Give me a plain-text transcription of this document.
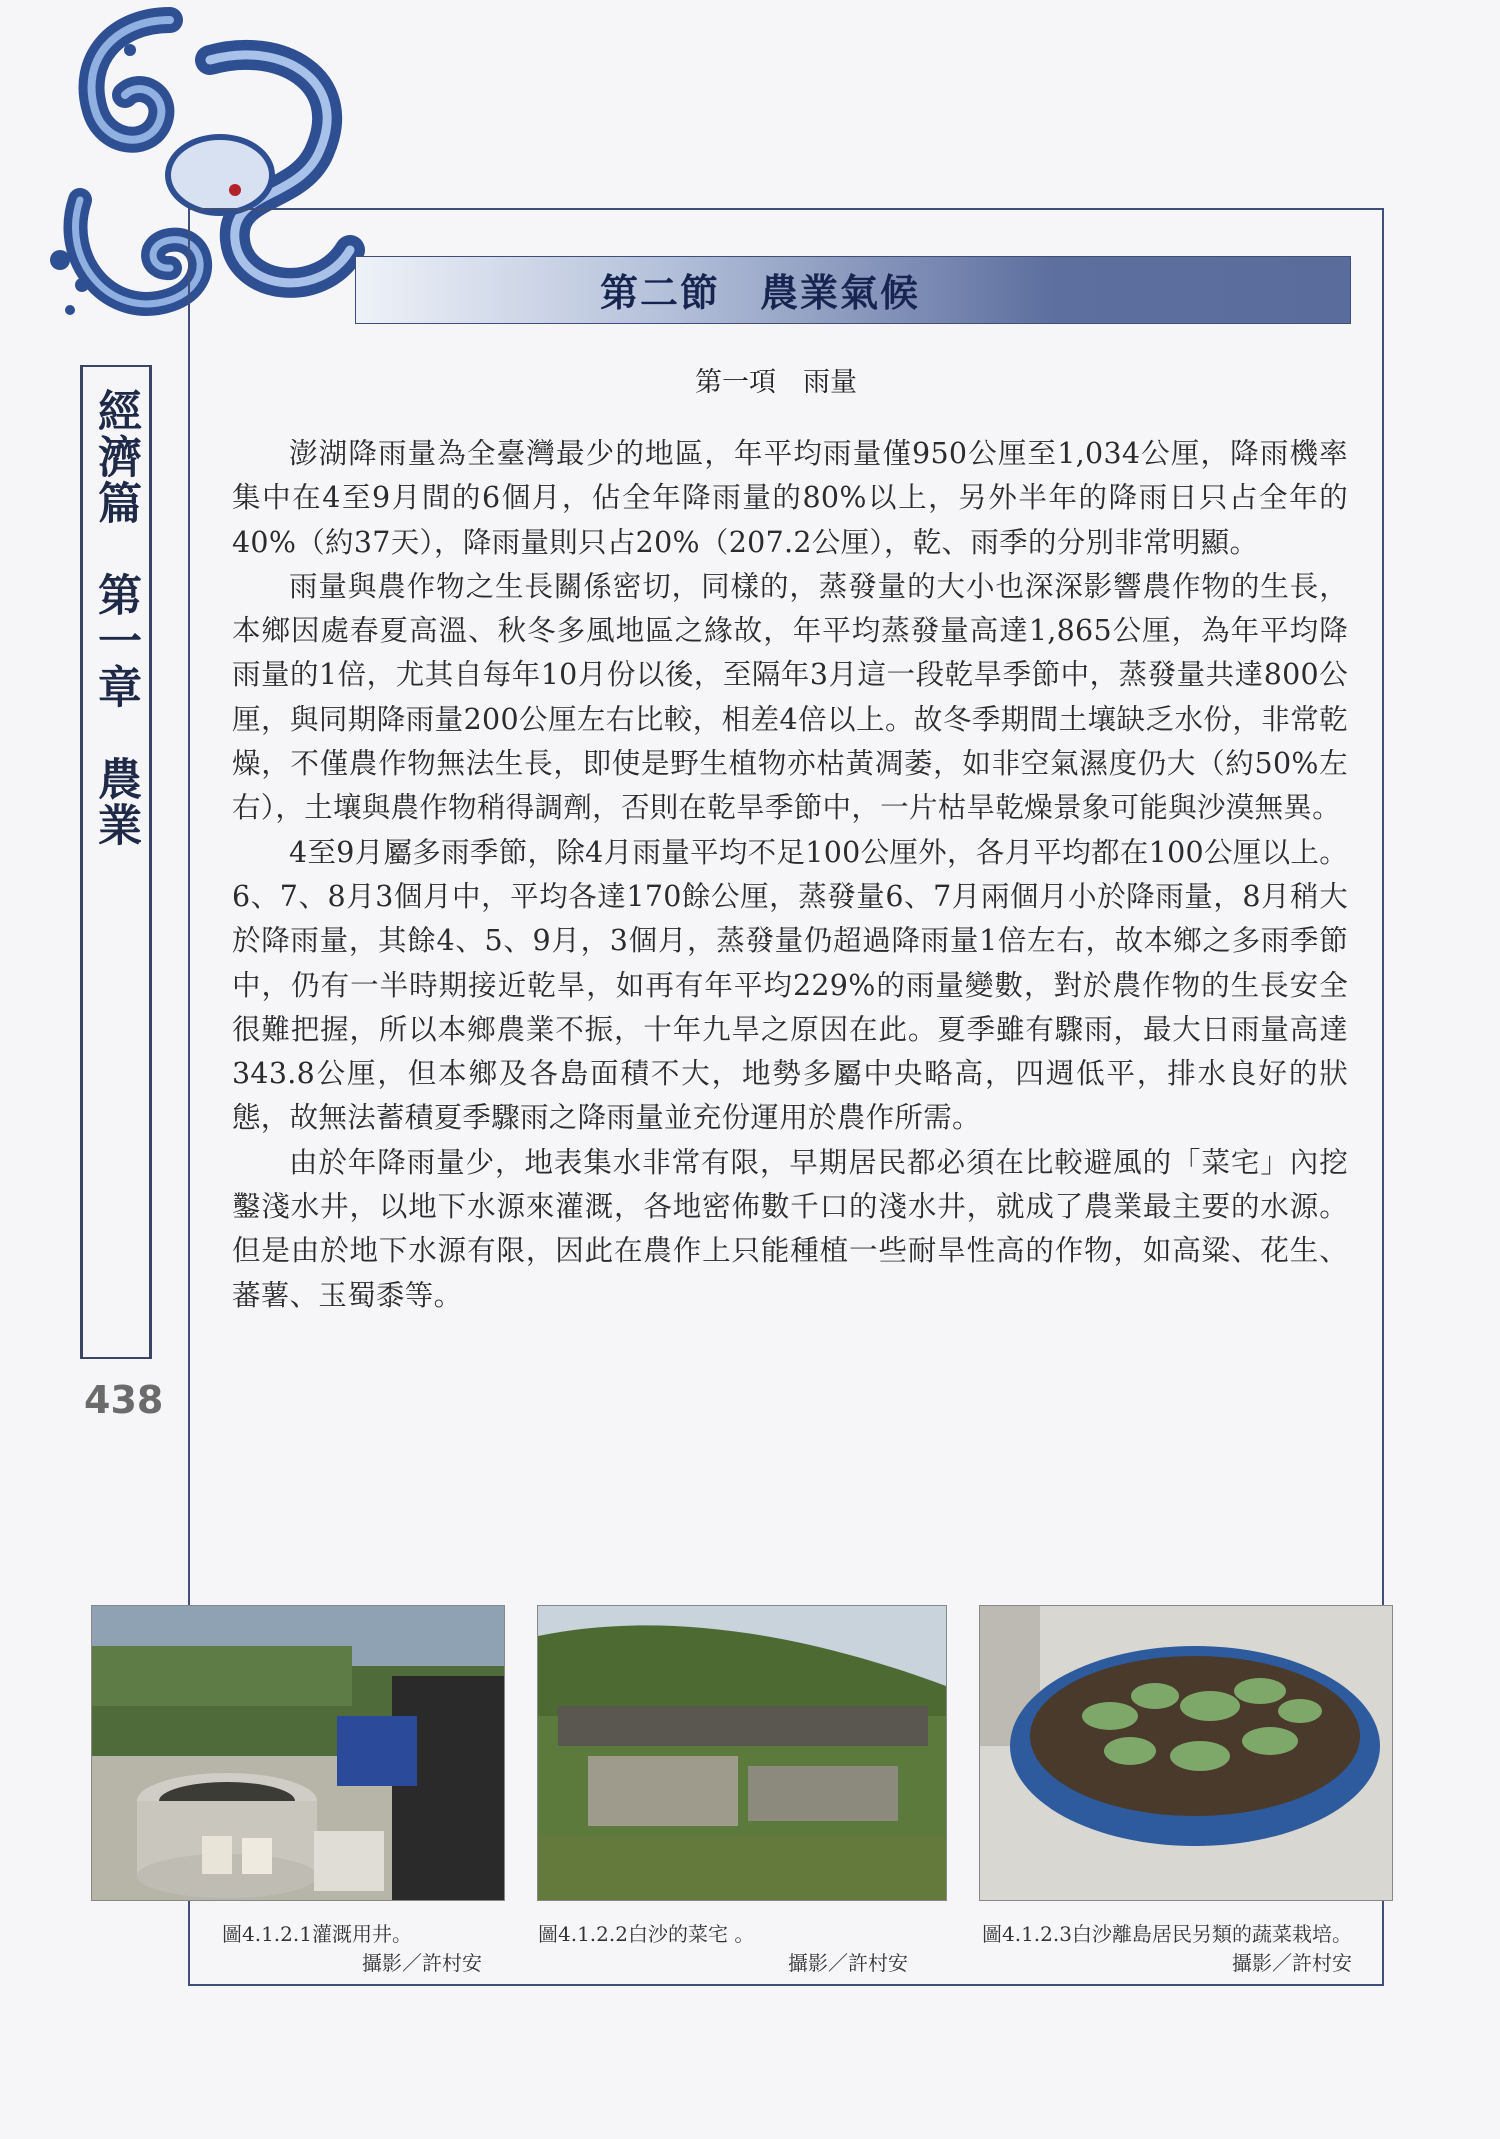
第二節　農業氣候
第一項　雨量
經濟篇　第一章　農業
438

澎湖降雨量為全臺灣最少的地區，年平均雨量僅950公厘至1,034公厘，降雨機率集中在4至9月間的6個月，佔全年降雨量的80%以上，另外半年的降雨日只占全年的40%（約37天），降雨量則只占20%（207.2公厘），乾、雨季的分別非常明顯。

雨量與農作物之生長關係密切，同樣的，蒸發量的大小也深深影響農作物的生長，本鄉因處春夏高溫、秋冬多風地區之緣故，年平均蒸發量高達1,865公厘，為年平均降雨量的1倍，尤其自每年10月份以後，至隔年3月這一段乾旱季節中，蒸發量共達800公厘，與同期降雨量200公厘左右比較，相差4倍以上。故冬季期間土壤缺乏水份，非常乾燥，不僅農作物無法生長，即使是野生植物亦枯黃凋萎，如非空氣濕度仍大（約50%左右），土壤與農作物稍得調劑，否則在乾旱季節中，一片枯旱乾燥景象可能與沙漠無異。

4至9月屬多雨季節，除4月雨量平均不足100公厘外，各月平均都在100公厘以上。6、7、8月3個月中，平均各達170餘公厘，蒸發量6、7月兩個月小於降雨量，8月稍大於降雨量，其餘4、5、9月，3個月，蒸發量仍超過降雨量1倍左右，故本鄉之多雨季節中，仍有一半時期接近乾旱，如再有年平均229%的雨量變數，對於農作物的生長安全很難把握，所以本鄉農業不振，十年九旱之原因在此。夏季雖有驟雨，最大日雨量高達343.8公厘，但本鄉及各島面積不大，地勢多屬中央略高，四週低平，排水良好的狀態，故無法蓄積夏季驟雨之降雨量並充份運用於農作所需。

由於年降雨量少，地表集水非常有限，早期居民都必須在比較避風的「菜宅」內挖鑿淺水井，以地下水源來灌溉，各地密佈數千口的淺水井，就成了農業最主要的水源。但是由於地下水源有限，因此在農作上只能種植一些耐旱性高的作物，如高粱、花生、蕃薯、玉蜀黍等。

圖4.1.2.1灌溉用井。
攝影／許村安
圖4.1.2.2白沙的菜宅 。
攝影／許村安
圖4.1.2.3白沙離島居民另類的蔬菜栽培。
攝影／許村安
